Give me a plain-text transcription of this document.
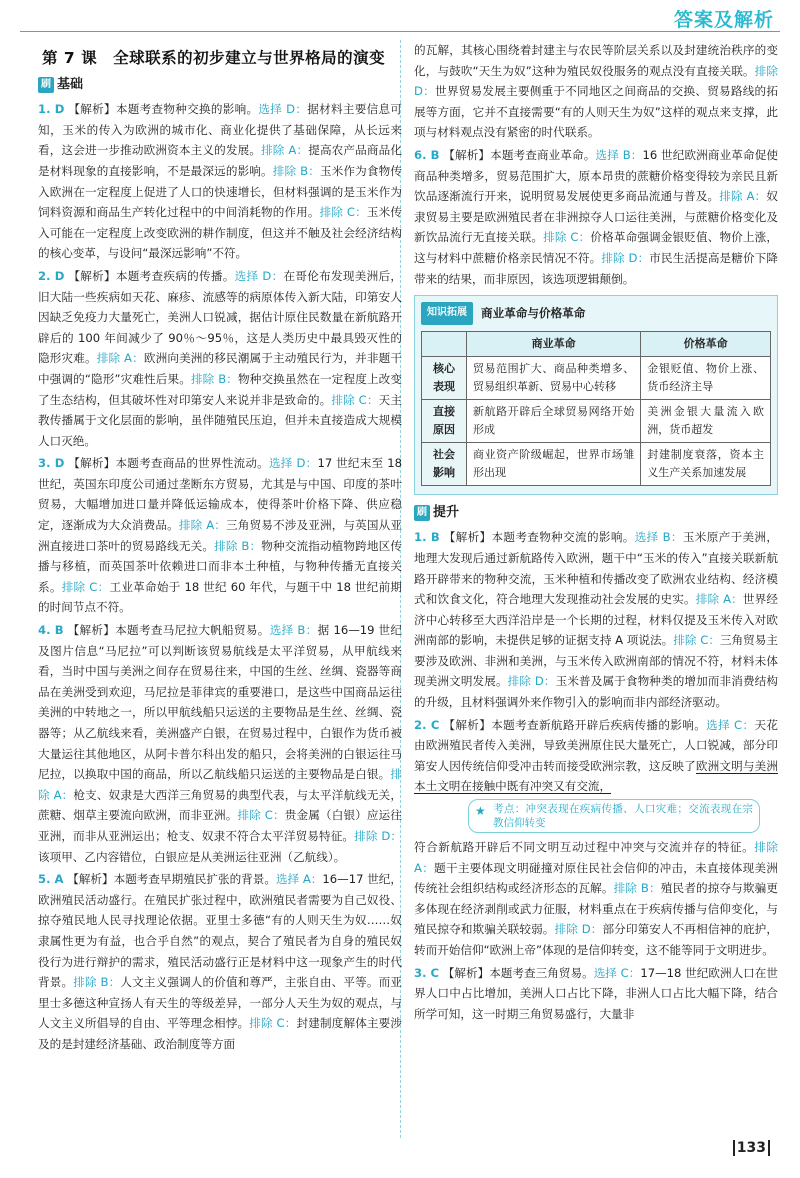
答案及解析
第 7 课　全球联系的初步建立与世界格局的演变
刷 基础

1. D 【解析】本题考查物种交换的影响。选择 D：据材料主要信息可知，玉米的传入为欧洲的城市化、商业化提供了基础保障，从长远来看，这会进一步推动欧洲资本主义的发展。排除 A：提高农产品商品化是材料现象的直接影响，不是最深远的影响。排除 B：玉米作为食物传入欧洲在一定程度上促进了人口的快速增长，但材料强调的是玉米作为饲料资源和商品生产转化过程中的中间消耗物的作用。排除 C：玉米传入可能在一定程度上改变欧洲的耕作制度，但这并不触及社会经济结构的核心变革，与设问“最深远影响”不符。

2. D 【解析】本题考查疾病的传播。选择 D：在哥伦布发现美洲后，旧大陆一些疾病如天花、麻疹、流感等的病原体传入新大陆，印第安人因缺乏免疫力大量死亡，美洲人口锐减，据估计原住民数量在新航路开辟后的 100 年间减少了 90％～95％，这是人类历史中最具毁灭性的隐形灾难。排除 A：欧洲向美洲的移民潮属于主动殖民行为，并非题干中强调的“隐形”灾难性后果。排除 B：物种交换虽然在一定程度上改变了生态结构，但其破坏性对印第安人来说并非是致命的。排除 C：天主教传播属于文化层面的影响，虽伴随殖民压迫，但并未直接造成大规模人口灭绝。

3. D 【解析】本题考查商品的世界性流动。选择 D：17 世纪末至 18 世纪，英国东印度公司通过垄断东方贸易，尤其是与中国、印度的茶叶贸易，大幅增加进口量并降低运输成本，使得茶叶价格下降、供应稳定，逐渐成为大众消费品。排除 A：三角贸易不涉及亚洲，与英国从亚洲直接进口茶叶的贸易路线无关。排除 B：物种交流指动植物跨地区传播与移植，而英国茶叶依赖进口而非本土种植，与物种传播无直接关系。排除 C：工业革命始于 18 世纪 60 年代，与题干中 18 世纪前期的时间节点不符。

4. B 【解析】本题考查马尼拉大帆船贸易。选择 B：据 16—19 世纪及图片信息“马尼拉”可以判断该贸易航线是太平洋贸易，从甲航线来看，当时中国与美洲之间存在贸易往来，中国的生丝、丝绸、瓷器等商品在美洲受到欢迎，马尼拉是菲律宾的重要港口，是这些中国商品运往美洲的中转地之一，所以甲航线船只运送的主要物品是生丝、丝绸、瓷器等；从乙航线来看，美洲盛产白银，在贸易过程中，白银作为货币被大量运往其他地区，从阿卡普尔科出发的船只，会将美洲的白银运往马尼拉，以换取中国的商品，所以乙航线船只运送的主要物品是白银。排除 A：枪支、奴隶是大西洋三角贸易的典型代表，与太平洋航线无关，蔗糖、烟草主要流向欧洲，而非亚洲。排除 C：贵金属（白银）应运往亚洲，而非从亚洲运出；枪支、奴隶不符合太平洋贸易特征。排除 D：该项甲、乙内容错位，白银应是从美洲运往亚洲（乙航线）。

5. A 【解析】本题考查早期殖民扩张的背景。选择 A：16—17 世纪，欧洲殖民活动盛行。在殖民扩张过程中，欧洲殖民者需要为自己奴役、掠夺殖民地人民寻找理论依据。亚里士多德“有的人则天生为奴……奴隶属性更为有益，也合乎自然”的观点，契合了殖民者为自身的殖民奴役行为进行辩护的需求，殖民活动盛行正是材料中这一现象产生的时代背景。排除 B：人文主义强调人的价值和尊严，主张自由、平等。而亚里士多德这种宣扬人有天生的等级差异，一部分人天生为奴的观点，与人文主义所倡导的自由、平等理念相悖。排除 C：封建制度解体主要涉及的是封建经济基础、政治制度等方面

的瓦解，其核心围绕着封建主与农民等阶层关系以及封建统治秩序的变化，与鼓吹“天生为奴”这种为殖民奴役服务的观点没有直接关联。排除 D：世界贸易发展主要侧重于不同地区之间商品的交换、贸易路线的拓展等方面，它并不直接需要“有的人则天生为奴”这样的观点来支撑，此项与材料观点没有紧密的时代联系。

6. B 【解析】本题考查商业革命。选择 B：16 世纪欧洲商业革命促使商品种类增多，贸易范围扩大，原本昂贵的蔗糖价格变得较为亲民且新饮品逐渐流行开来，说明贸易发展使更多商品流通与普及。排除 A：奴隶贸易主要是欧洲殖民者在非洲掠夺人口运往美洲，与蔗糖价格变化及新饮品流行无直接关联。排除 C：价格革命强调金银贬值、物价上涨，这与材料中蔗糖价格亲民情况不符。排除 D：市民生活提高是糖价下降带来的结果，而非原因，该选项逻辑颠倒。

知识拓展	商业革命与价格革命
	商业革命	价格革命
核心表现	贸易范围扩大、商品种类增多、贸易组织革新、贸易中心转移	金银贬值、物价上涨、货币经济主导
直接原因	新航路开辟后全球贸易网络开始形成	美洲金银大量流入欧洲，货币超发
社会影响	商业资产阶级崛起，世界市场雏形出现	封建制度衰落，资本主义生产关系加速发展
刷 提升

1. B 【解析】本题考查物种交流的影响。选择 B：玉米原产于美洲，地理大发现后通过新航路传入欧洲，题干中“玉米的传入”直接关联新航路开辟带来的物种交流，玉米种植和传播改变了欧洲农业结构、经济模式和饮食文化，符合地理大发现推动社会发展的史实。排除 A：世界经济中心转移至大西洋沿岸是一个长期的过程，材料仅提及玉米传入对欧洲南部的影响，未提供足够的证据支持 A 项说法。排除 C：三角贸易主要涉及欧洲、非洲和美洲，与玉米传入欧洲南部的情况不符，材料未体现美洲文明发展。排除 D：玉米普及属于食物种类的增加而非消费结构的升级，且材料强调外来作物引入的影响而非内部经济驱动。

2. C 【解析】本题考查新航路开辟后疾病传播的影响。选择 C：天花由欧洲殖民者传入美洲，导致美洲原住民大量死亡，人口锐减，部分印第安人因传统信仰受冲击转而接受欧洲宗教，这反映了欧洲文明与美洲本土文明在接触中既有冲突又有交流，

★ 考点：冲突表现在疾病传播、人口灾难；交流表现在宗教信仰转变

符合新航路开辟后不同文明互动过程中冲突与交流并存的特征。排除 A：题干主要体现文明碰撞对原住民社会信仰的冲击，未直接体现美洲传统社会组织结构或经济形态的瓦解。排除 B：殖民者的掠夺与欺骗更多体现在经济剥削或武力征服，材料重点在于疾病传播与信仰变化，与殖民掠夺和欺骗关联较弱。排除 D：部分印第安人不再相信神的庇护，转而开始信仰“欧洲上帝”体现的是信仰转变，这不能等同于文明进步。

3. C 【解析】本题考查三角贸易。选择 C：17—18 世纪欧洲人口在世界人口中占比增加，美洲人口占比下降，非洲人口占比大幅下降，结合所学可知，这一时期三角贸易盛行，大量非

133
